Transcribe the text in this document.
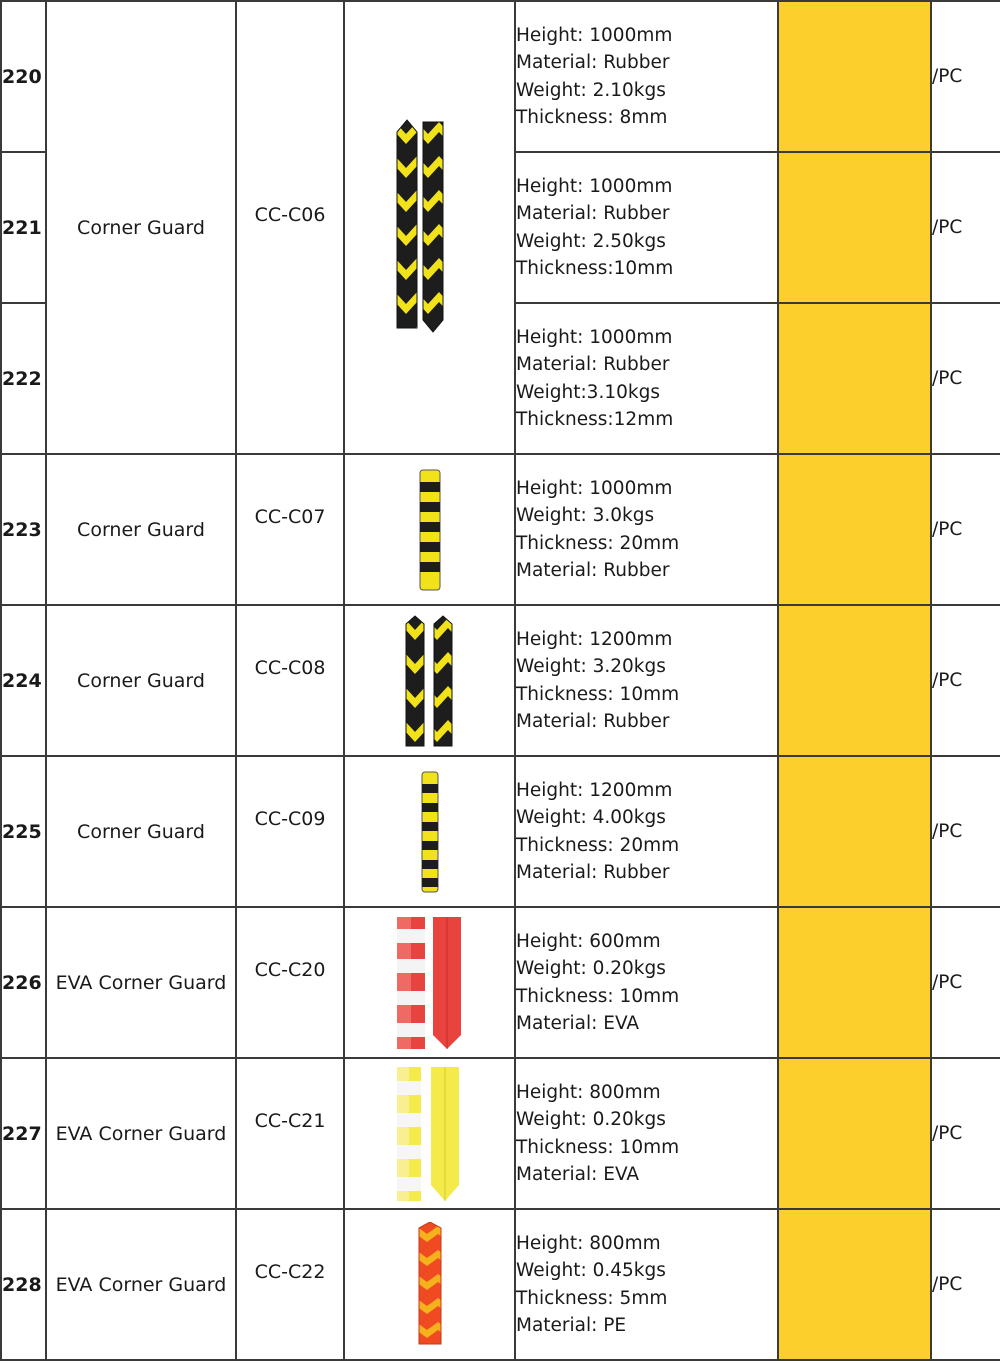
220	Corner Guard	CC-C06		Height: 1000mm
Material: Rubber
Weight: 2.10kgs
Thickness: 8mm		/PC
221				Height: 1000mm
Material: Rubber
Weight: 2.50kgs
Thickness:10mm		/PC
222				Height: 1000mm
Material: Rubber
Weight:3.10kgs
Thickness:12mm		/PC
223	Corner Guard	CC-C07		Height: 1000mm
Weight: 3.0kgs
Thickness: 20mm
Material: Rubber		/PC
224	Corner Guard	CC-C08		Height: 1200mm
Weight: 3.20kgs
Thickness: 10mm
Material: Rubber		/PC
225	Corner Guard	CC-C09		Height: 1200mm
Weight: 4.00kgs
Thickness: 20mm
Material: Rubber		/PC
226	EVA Corner Guard	CC-C20		Height: 600mm
Weight: 0.20kgs
Thickness: 10mm
Material: EVA		/PC
227	EVA Corner Guard	CC-C21		Height: 800mm
Weight: 0.20kgs
Thickness: 10mm
Material: EVA		/PC
228	EVA Corner Guard	CC-C22		Height: 800mm
Weight: 0.45kgs
Thickness: 5mm
Material: PE		/PC
